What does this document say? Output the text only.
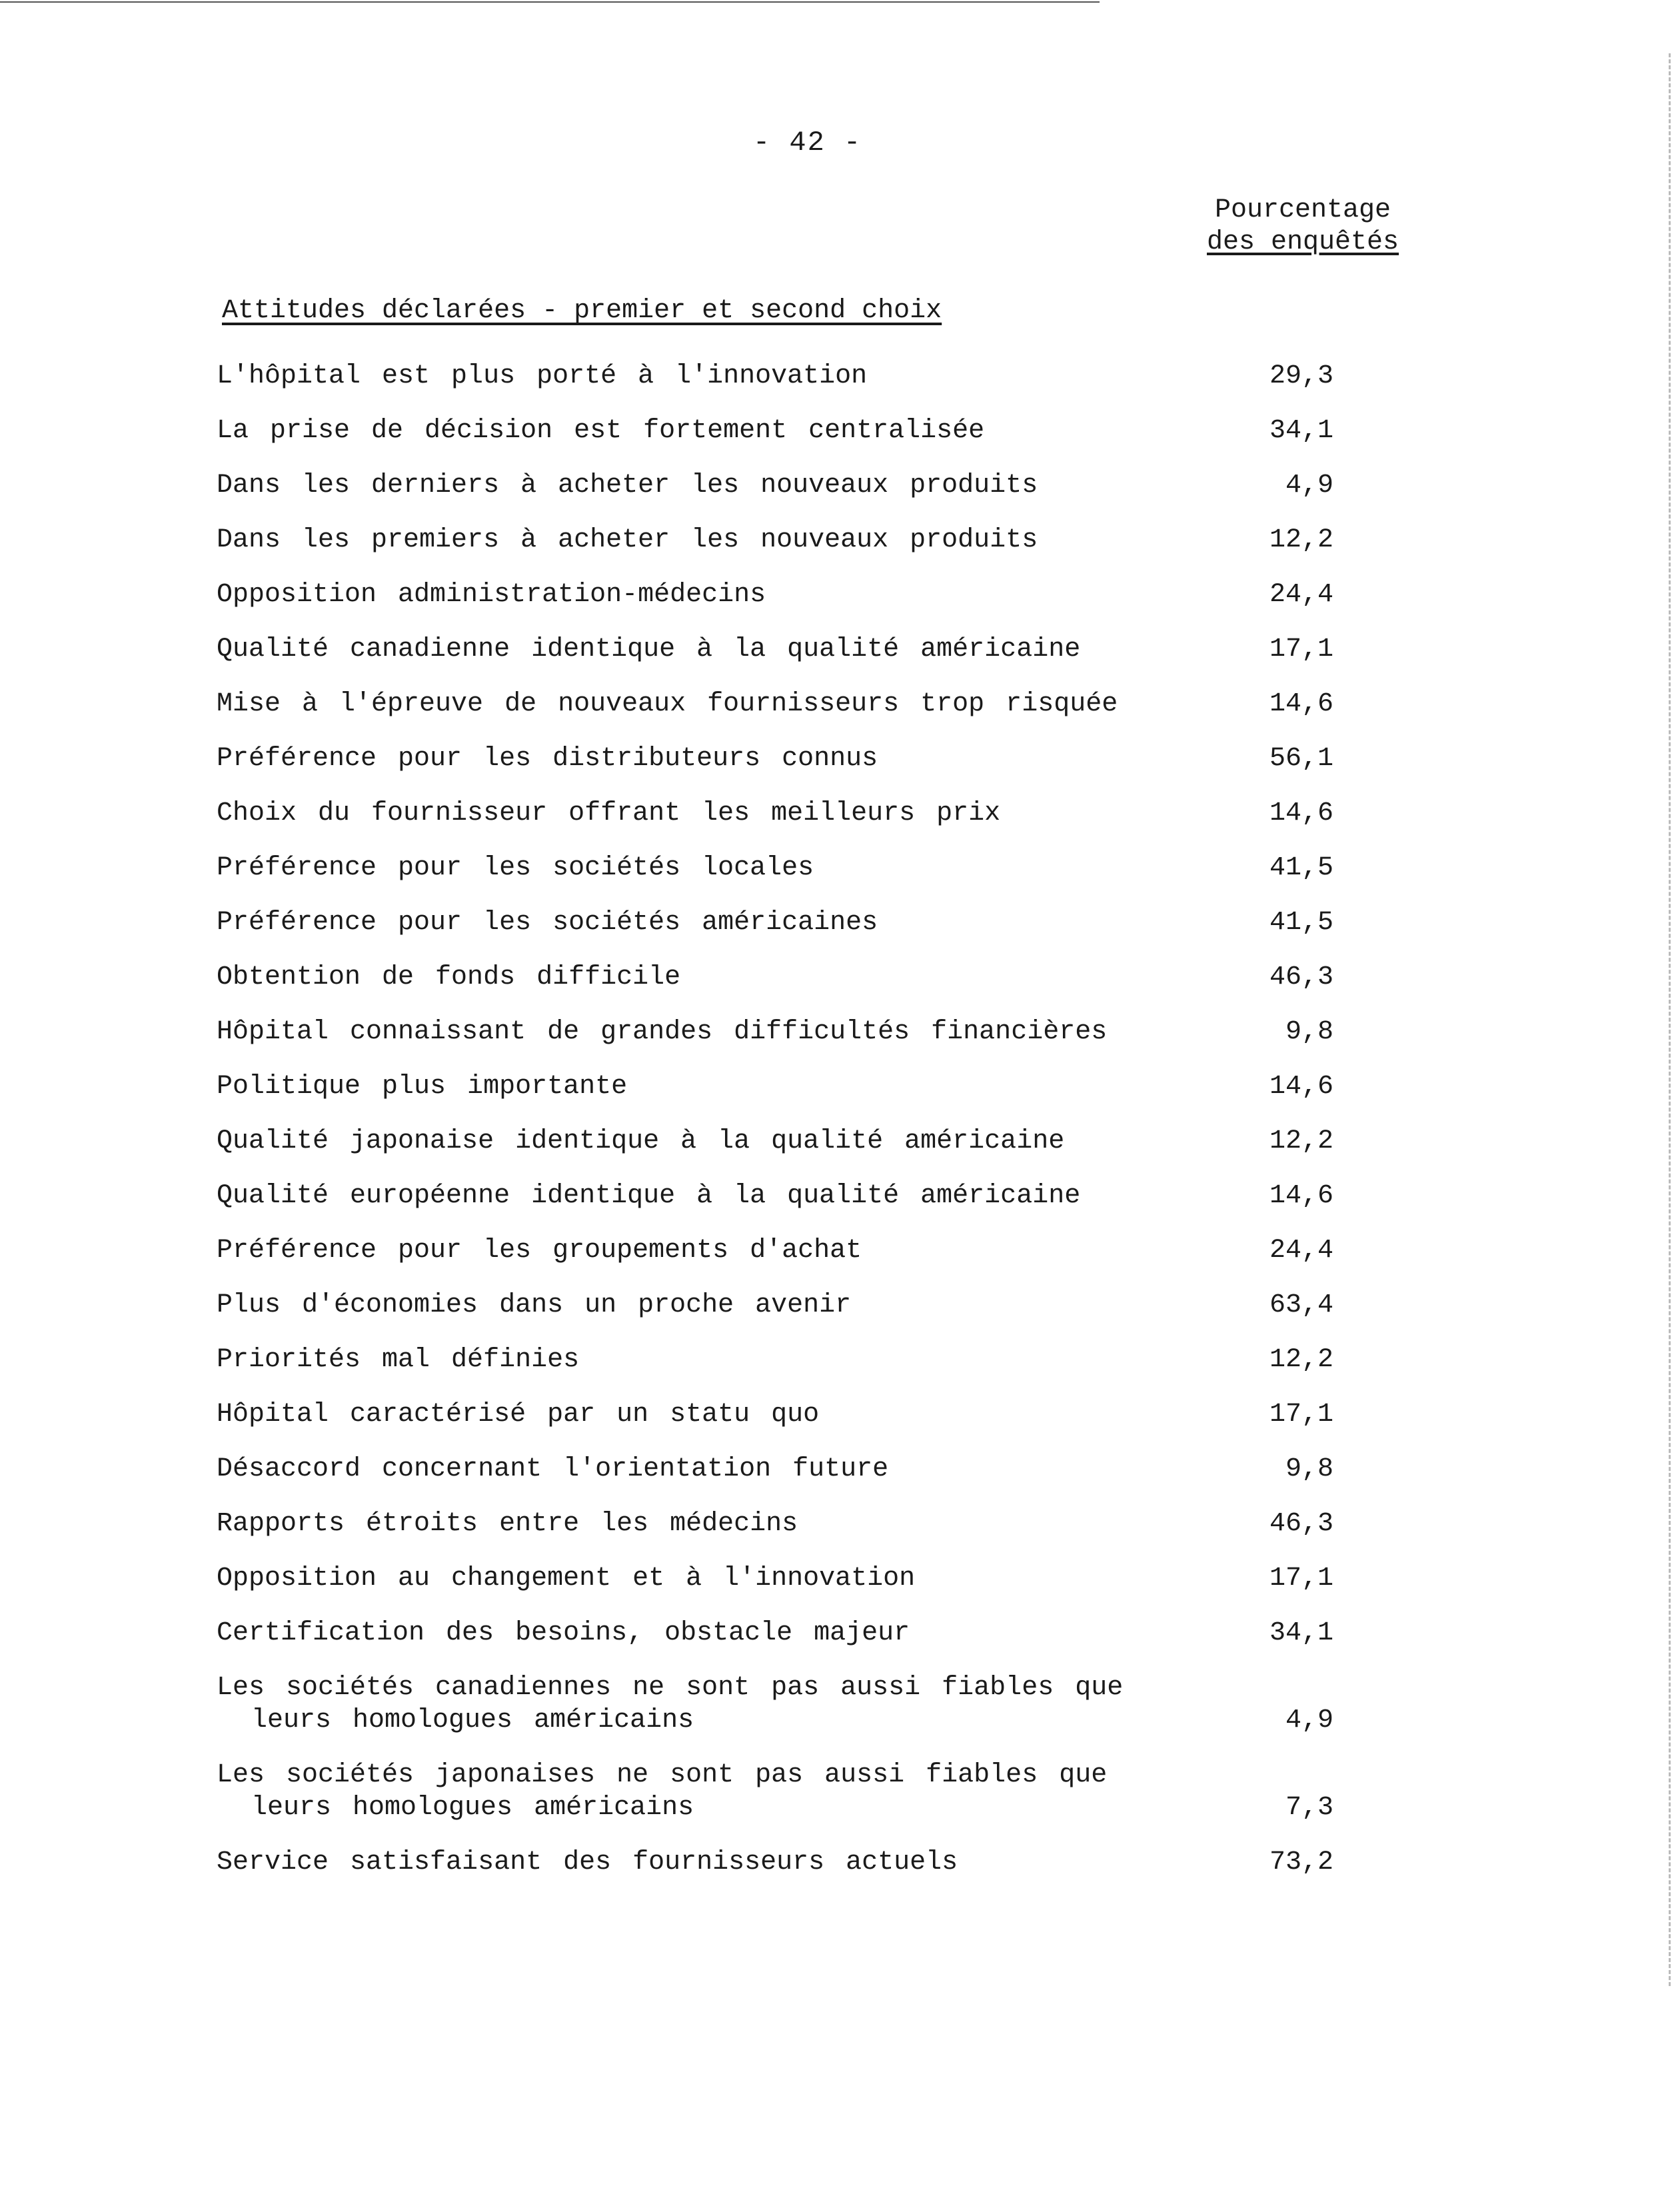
- 42 -
Pourcentage
des enquêtés
Attitudes déclarées - premier et second choix
L'hôpital est plus porté à l'innovation	29,3
La prise de décision est fortement centralisée	34,1
Dans les derniers à acheter les nouveaux produits	4,9
Dans les premiers à acheter les nouveaux produits	12,2
Opposition administration-médecins	24,4
Qualité canadienne identique à la qualité américaine	17,1
Mise à l'épreuve de nouveaux fournisseurs trop risquée	14,6
Préférence pour les distributeurs connus	56,1
Choix du fournisseur offrant les meilleurs prix	14,6
Préférence pour les sociétés locales	41,5
Préférence pour les sociétés américaines	41,5
Obtention de fonds difficile	46,3
Hôpital connaissant de grandes difficultés financières	9,8
Politique plus importante	14,6
Qualité japonaise identique à la qualité américaine	12,2
Qualité européenne identique à la qualité américaine	14,6
Préférence pour les groupements d'achat	24,4
Plus d'économies dans un proche avenir	63,4
Priorités mal définies	12,2
Hôpital caractérisé par un statu quo	17,1
Désaccord concernant l'orientation future	9,8
Rapports étroits entre les médecins	46,3
Opposition au changement et à l'innovation	17,1
Certification des besoins, obstacle majeur	34,1
Les sociétés canadiennes ne sont pas aussi fiables que
leurs homologues américains	4,9
Les sociétés japonaises ne sont pas aussi fiables que
leurs homologues américains	7,3
Service satisfaisant des fournisseurs actuels	73,2
